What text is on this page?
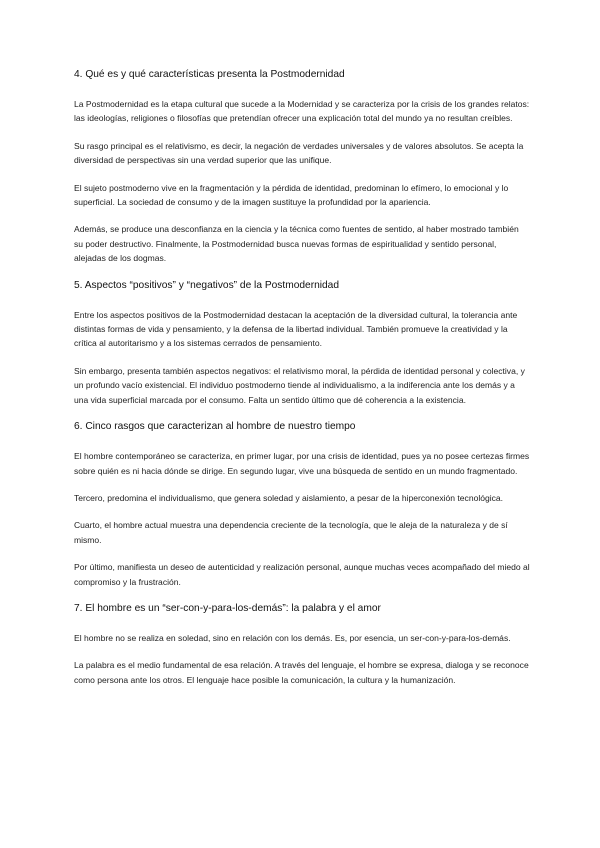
4. Qué es y qué características presenta la Postmodernidad

La Postmodernidad es la etapa cultural que sucede a la Modernidad y se caracteriza por la crisis de los grandes relatos: las ideologías, religiones o filosofías que pretendían ofrecer una explicación total del mundo ya no resultan creíbles.

Su rasgo principal es el relativismo, es decir, la negación de verdades universales y de valores absolutos. Se acepta la diversidad de perspectivas sin una verdad superior que las unifique.

El sujeto postmoderno vive en la fragmentación y la pérdida de identidad, predominan lo efímero, lo emocional y lo superficial. La sociedad de consumo y de la imagen sustituye la profundidad por la apariencia.

Además, se produce una desconfianza en la ciencia y la técnica como fuentes de sentido, al haber mostrado también su poder destructivo. Finalmente, la Postmodernidad busca nuevas formas de espiritualidad y sentido personal, alejadas de los dogmas.

5. Aspectos “positivos” y “negativos” de la Postmodernidad

Entre los aspectos positivos de la Postmodernidad destacan la aceptación de la diversidad cultural, la tolerancia ante distintas formas de vida y pensamiento, y la defensa de la libertad individual. También promueve la creatividad y la crítica al autoritarismo y a los sistemas cerrados de pensamiento.

Sin embargo, presenta también aspectos negativos: el relativismo moral, la pérdida de identidad personal y colectiva, y un profundo vacío existencial. El individuo postmoderno tiende al individualismo, a la indiferencia ante los demás y a una vida superficial marcada por el consumo. Falta un sentido último que dé coherencia a la existencia.

6. Cinco rasgos que caracterizan al hombre de nuestro tiempo

El hombre contemporáneo se caracteriza, en primer lugar, por una crisis de identidad, pues ya no posee certezas firmes sobre quién es ni hacia dónde se dirige. En segundo lugar, vive una búsqueda de sentido en un mundo fragmentado.

Tercero, predomina el individualismo, que genera soledad y aislamiento, a pesar de la hiperconexión tecnológica.

Cuarto, el hombre actual muestra una dependencia creciente de la tecnología, que le aleja de la naturaleza y de sí mismo.

Por último, manifiesta un deseo de autenticidad y realización personal, aunque muchas veces acompañado del miedo al compromiso y la frustración.

7. El hombre es un “ser-con-y-para-los-demás”: la palabra y el amor

El hombre no se realiza en soledad, sino en relación con los demás. Es, por esencia, un ser-con-y-para-los-demás.

La palabra es el medio fundamental de esa relación. A través del lenguaje, el hombre se expresa, dialoga y se reconoce como persona ante los otros. El lenguaje hace posible la comunicación, la cultura y la humanización.
